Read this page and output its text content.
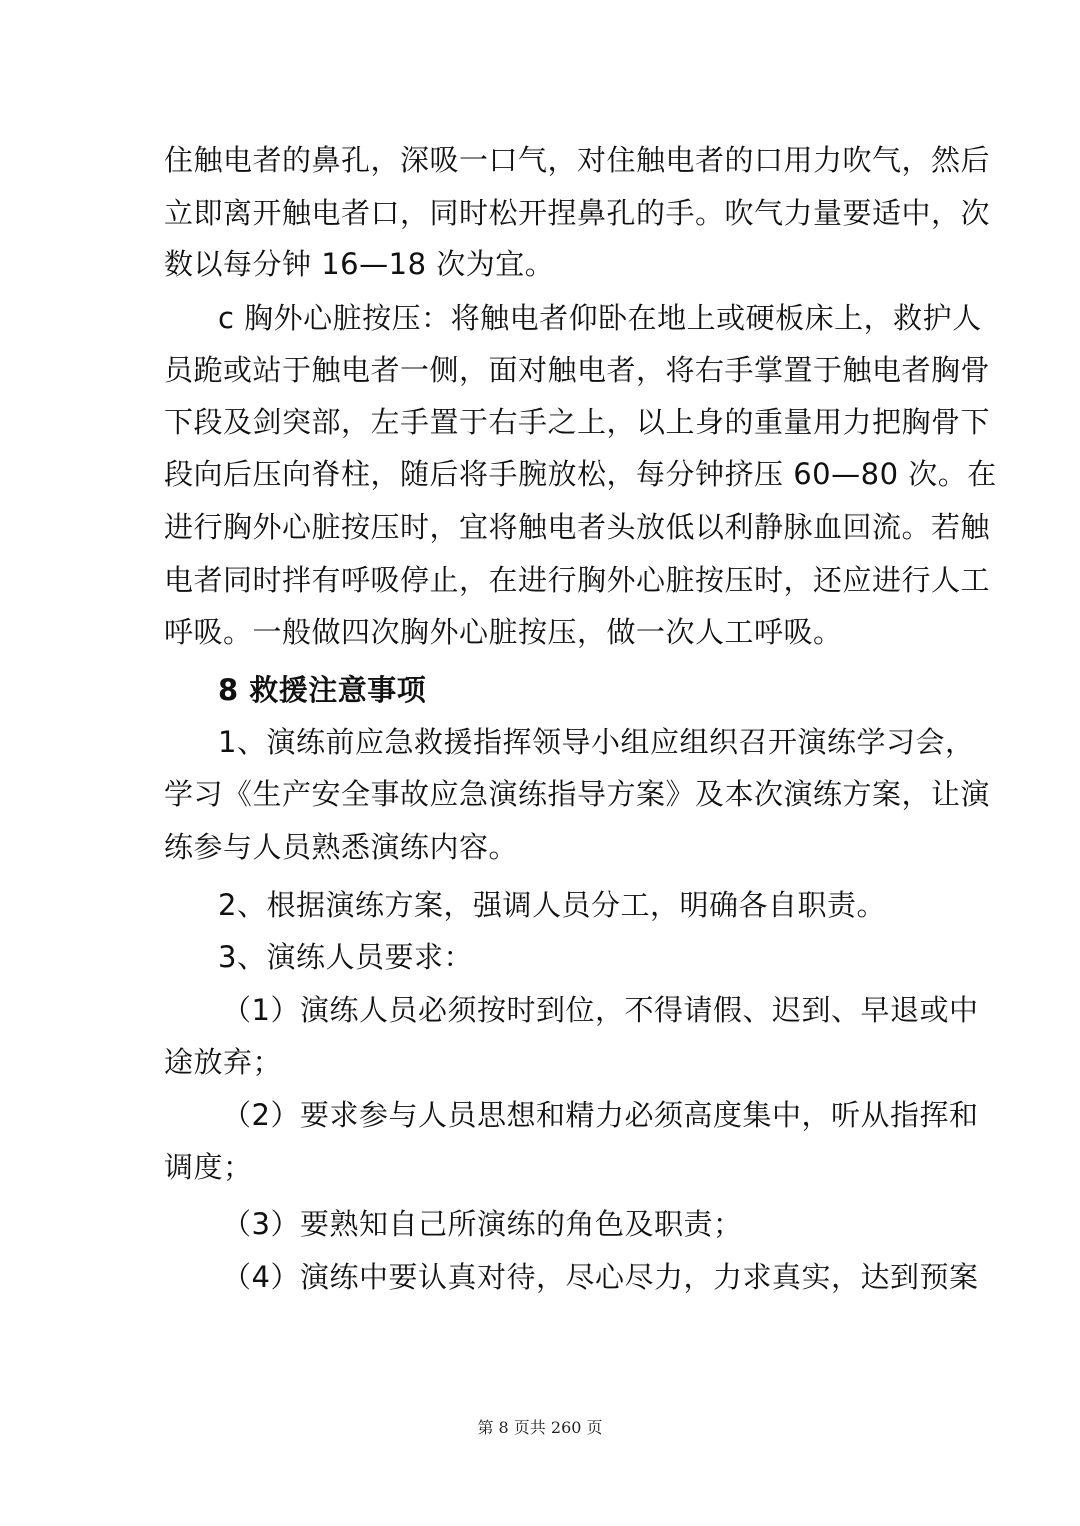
住触电者的鼻孔，深吸一口气，对住触电者的口用力吹气，然后
立即离开触电者口，同时松开捏鼻孔的手。吹气力量要适中，次
数以每分钟 16—18 次为宜。
c 胸外心脏按压：将触电者仰卧在地上或硬板床上，救护人
员跪或站于触电者一侧，面对触电者，将右手掌置于触电者胸骨
下段及剑突部，左手置于右手之上，以上身的重量用力把胸骨下
段向后压向脊柱，随后将手腕放松，每分钟挤压 60—80 次。在
进行胸外心脏按压时，宜将触电者头放低以利静脉血回流。若触
电者同时拌有呼吸停止，在进行胸外心脏按压时，还应进行人工
呼吸。一般做四次胸外心脏按压，做一次人工呼吸。
8 救援注意事项
1、演练前应急救援指挥领导小组应组织召开演练学习会，
学习《生产安全事故应急演练指导方案》及本次演练方案，让演
练参与人员熟悉演练内容。
2、根据演练方案，强调人员分工，明确各自职责。
3、演练人员要求：
（1）演练人员必须按时到位，不得请假、迟到、早退或中
途放弃；
（2）要求参与人员思想和精力必须高度集中，听从指挥和
调度；
（3）要熟知自己所演练的角色及职责；
（4）演练中要认真对待，尽心尽力，力求真实，达到预案
第 8 页共 260 页
